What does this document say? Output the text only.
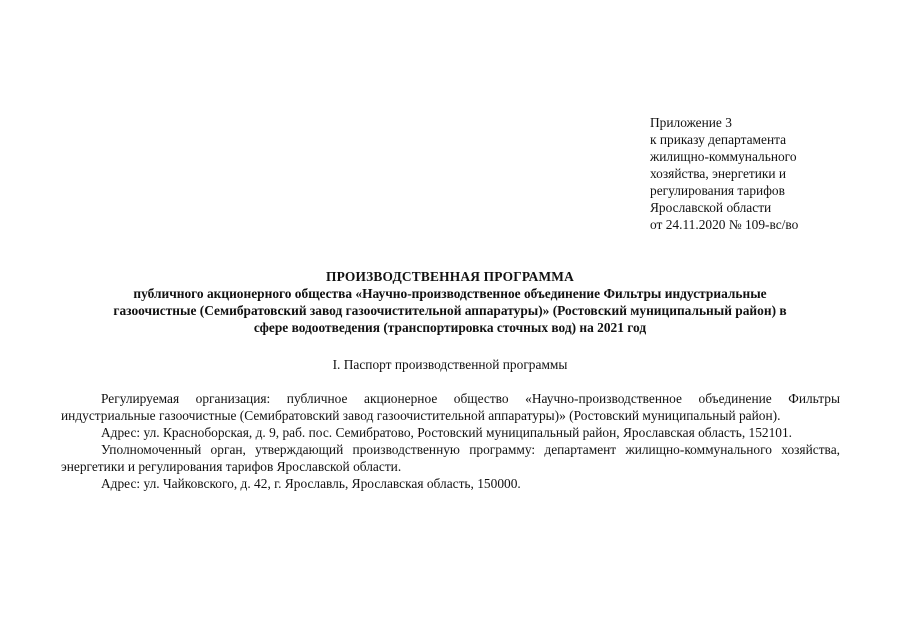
Приложение 3
к приказу департамента
жилищно-коммунального
хозяйства, энергетики и
регулирования тарифов
Ярославской области
от 24.11.2020 № 109-вс/во
ПРОИЗВОДСТВЕННАЯ ПРОГРАММА
публичного акционерного общества «Научно-производственное объединение Фильтры индустриальные
газоочистные (Семибратовский завод газоочистительной аппаратуры)» (Ростовский муниципальный район) в
сфере водоотведения (транспортировка сточных вод) на 2021 год
I. Паспорт производственной программы

Регулируемая организация: публичное акционерное общество «Научно-производственное объединение Фильтры индустриальные газоочистные (Семибратовский завод газоочистительной аппаратуры)» (Ростовский муниципальный район).

Адрес: ул. Красноборская, д. 9, раб. пос. Семибратово, Ростовский муниципальный район, Ярославская область, 152101.

Уполномоченный орган, утверждающий производственную программу: департамент жилищно-коммунального хозяйства, энергетики и регулирования тарифов Ярославской области.

Адрес: ул. Чайковского, д. 42, г. Ярославль, Ярославская область, 150000.
